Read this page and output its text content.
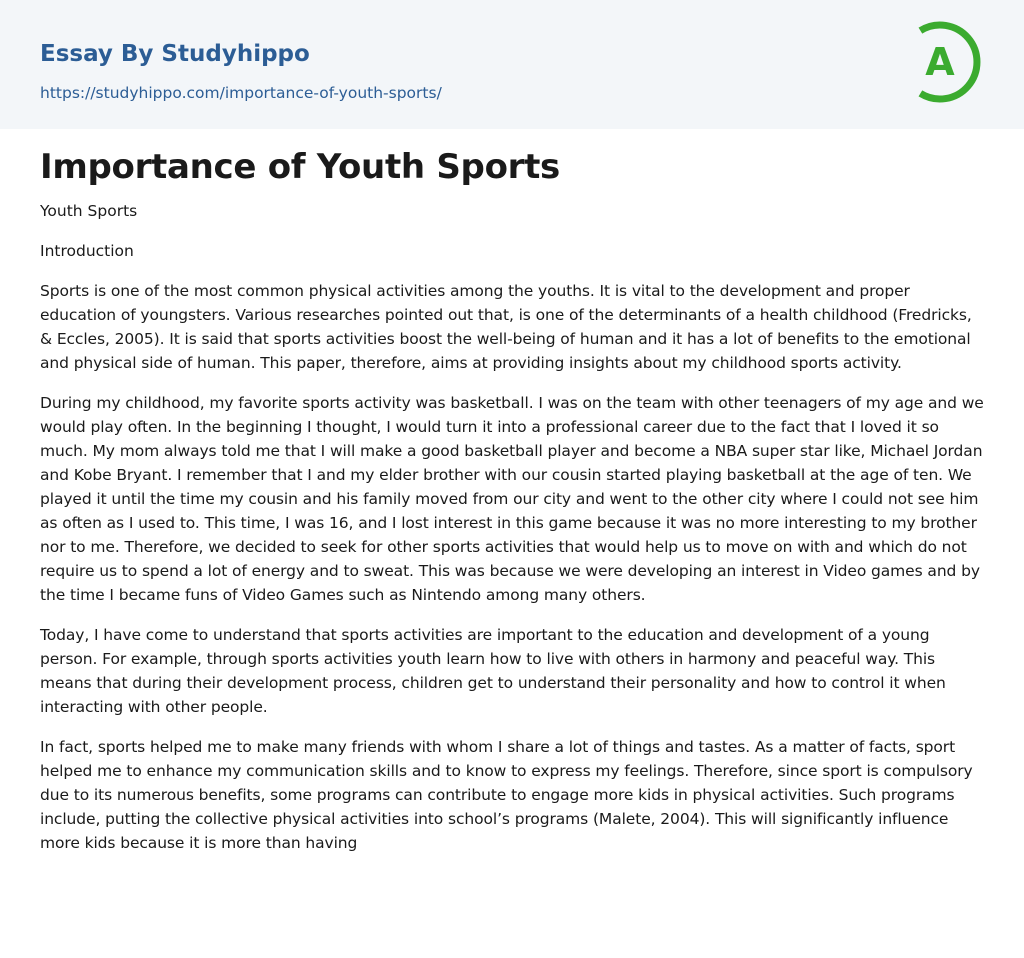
Essay By Studyhippo
https://studyhippo.com/importance-of-youth-sports/
A
Importance of Youth Sports
Youth Sports
Introduction

Sports is one of the most common physical activities among the youths. It is vital to the development and proper education of youngsters. Various researches pointed out that, is one of the determinants of a health childhood (Fredricks, & Eccles, 2005). It is said that sports activities boost the well-being of human and it has a lot of benefits to the emotional and physical side of human. This paper, therefore, aims at providing insights about my childhood sports activity.

During my childhood, my favorite sports activity was basketball. I was on the team with other teenagers of my age and we would play often. In the beginning I thought, I would turn it into a professional career due to the fact that I loved it so much. My mom always told me that I will make a good basketball player and become a NBA super star like, Michael Jordan and Kobe Bryant. I remember that I and my elder brother with our cousin started playing basketball at the age of ten. We played it until the time my cousin and his family moved from our city and went to the other city where I could not see him as often as I used to. This time, I was 16, and I lost interest in this game because it was no more interesting to my brother nor to me. Therefore, we decided to seek for other sports activities that would help us to move on with and which do not require us to spend a lot of energy and to sweat. This was because we were developing an interest in Video games and by the time I became funs of Video Games such as Nintendo among many others.

Today, I have come to understand that sports activities are important to the education and development of a young person. For example, through sports activities youth learn how to live with others in harmony and peaceful way. This means that during their development process, children get to understand their personality and how to control it when interacting with other people.

In fact, sports helped me to make many friends with whom I share a lot of things and tastes. As a matter of facts, sport helped me to enhance my communication skills and to know to express my feelings. Therefore, since sport is compulsory due to its numerous benefits, some programs can contribute to engage more kids in physical activities. Such programs include, putting the collective physical activities into school’s programs (Malete, 2004). This will significantly influence more kids because it is more than having
